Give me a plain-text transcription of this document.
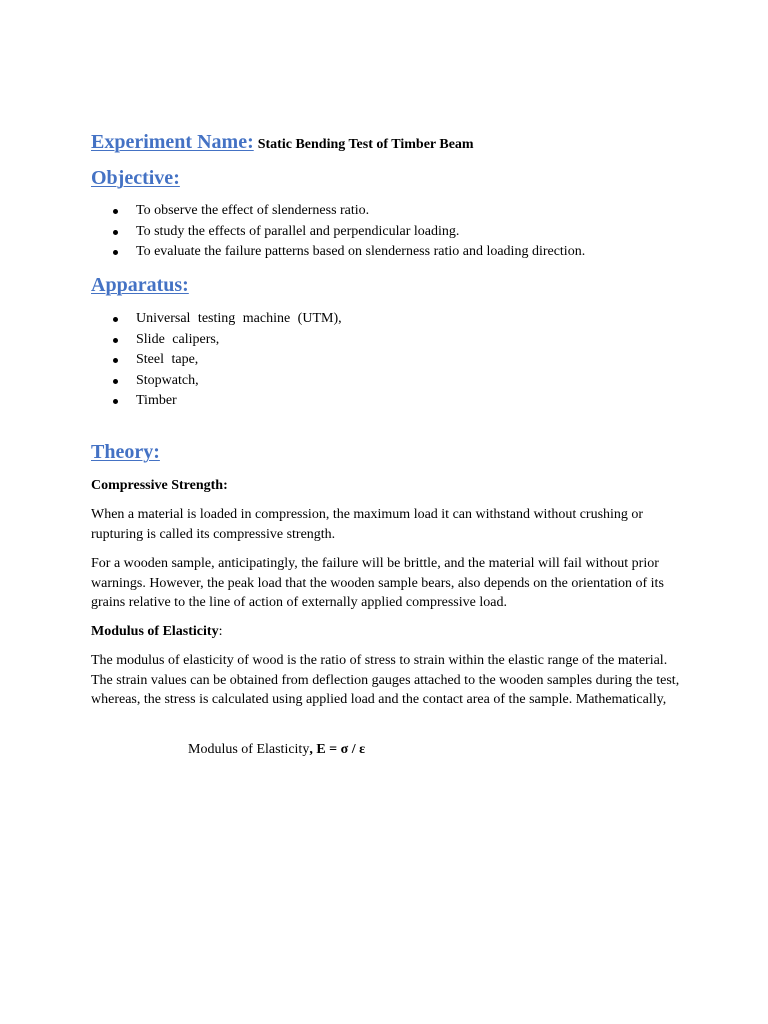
Experiment Name: Static Bending Test of Timber Beam
Objective:
To observe the effect of slenderness ratio.
To study the effects of parallel and perpendicular loading.
To evaluate the failure patterns based on slenderness ratio and loading direction.
Apparatus:
Universal testing machine (UTM),
Slide calipers,
Steel tape,
Stopwatch,
Timber
Theory:
Compressive Strength:

When a material is loaded in compression, the maximum load it can withstand without crushing or rupturing is called its compressive strength.

For a wooden sample, anticipatingly, the failure will be brittle, and the material will fail without prior warnings. However, the peak load that the wooden sample bears, also depends on the orientation of its grains relative to the line of action of externally applied compressive load.

Modulus of Elasticity:

The modulus of elasticity of wood is the ratio of stress to strain within the elastic range of the material. The strain values can be obtained from deflection gauges attached to the wooden samples during the test, whereas, the stress is calculated using applied load and the contact area of the sample. Mathematically,

Modulus of Elasticity, E = σ / ε
